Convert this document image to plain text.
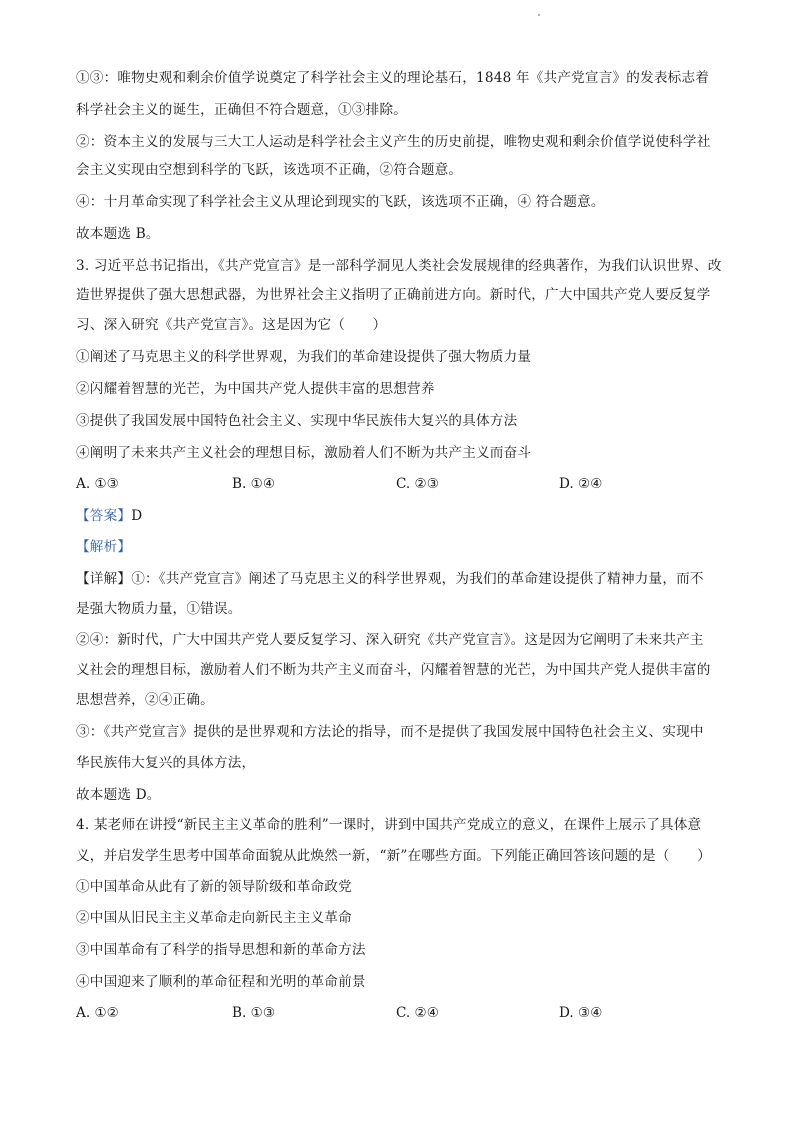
①③：唯物史观和剩余价值学说奠定了科学社会主义的理论基石，1848 年《共产党宣言》的发表标志着
科学社会主义的诞生，正确但不符合题意，①③排除。
②：资本主义的发展与三大工人运动是科学社会主义产生的历史前提，唯物史观和剩余价值学说使科学社
会主义实现由空想到科学的飞跃，该选项不正确，②符合题意。
④：十月革命实现了科学社会主义从理论到现实的飞跃，该选项不正确，④ 符合题意。
故本题选 B。
3. 习近平总书记指出，《共产党宣言》是一部科学洞见人类社会发展规律的经典著作，为我们认识世界、改
造世界提供了强大思想武器，为世界社会主义指明了正确前进方向。新时代，广大中国共产党人要反复学
习、深入研究《共产党宣言》。这是因为它（　　）
①阐述了马克思主义的科学世界观，为我们的革命建设提供了强大物质力量
②闪耀着智慧的光芒，为中国共产党人提供丰富的思想营养
③提供了我国发展中国特色社会主义、实现中华民族伟大复兴的具体方法
④阐明了未来共产主义社会的理想目标，激励着人们不断为共产主义而奋斗
A. ①③	B. ①④	C. ②③	D. ②④
【答案】D
【解析】
【详解】①：《共产党宣言》阐述了马克思主义的科学世界观，为我们的革命建设提供了精神力量，而不
是强大物质力量，①错误。
②④：新时代，广大中国共产党人要反复学习、深入研究《共产党宣言》。这是因为它阐明了未来共产主
义社会的理想目标，激励着人们不断为共产主义而奋斗，闪耀着智慧的光芒，为中国共产党人提供丰富的
思想营养，②④正确。
③：《共产党宣言》提供的是世界观和方法论的指导，而不是提供了我国发展中国特色社会主义、实现中
华民族伟大复兴的具体方法，
故本题选 D。
4. 某老师在讲授“新民主主义革命的胜利”一课时，讲到中国共产党成立的意义，在课件上展示了具体意
义，并启发学生思考中国革命面貌从此焕然一新，“新”在哪些方面。下列能正确回答该问题的是（　　）
①中国革命从此有了新的领导阶级和革命政党
②中国从旧民主主义革命走向新民主主义革命
③中国革命有了科学的指导思想和新的革命方法
④中国迎来了顺利的革命征程和光明的革命前景
A. ①②	B. ①③	C. ②④	D. ③④
